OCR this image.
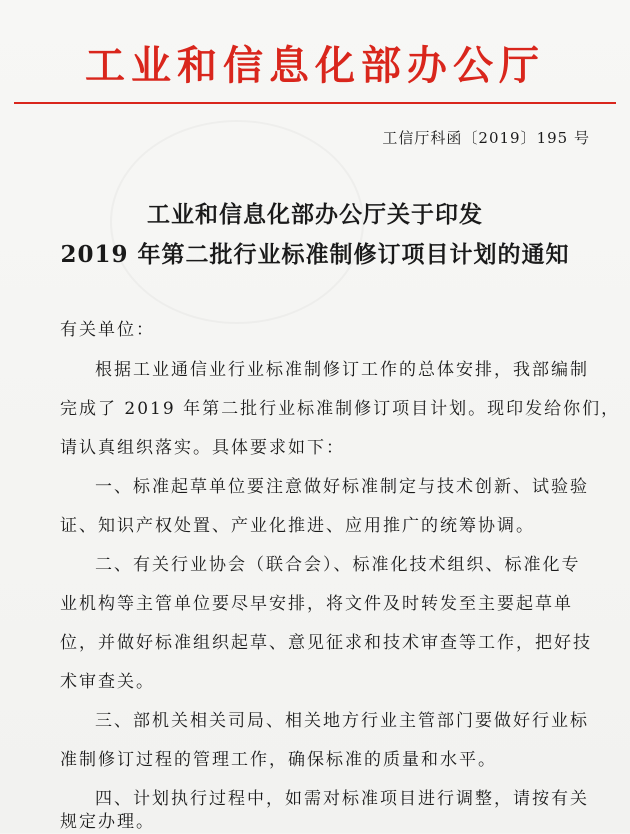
工业和信息化部办公厅
工信厅科函〔2019〕195 号
工业和信息化部办公厅关于印发
2019 年第二批行业标准制修订项目计划的通知
有关单位：
根据工业通信业行业标准制修订工作的总体安排，我部编制
完成了 2019 年第二批行业标准制修订项目计划。现印发给你们，
请认真组织落实。具体要求如下：
一、标准起草单位要注意做好标准制定与技术创新、试验验
证、知识产权处置、产业化推进、应用推广的统筹协调。
二、有关行业协会（联合会）、标准化技术组织、标准化专
业机构等主管单位要尽早安排，将文件及时转发至主要起草单
位，并做好标准组织起草、意见征求和技术审查等工作，把好技
术审查关。
三、部机关相关司局、相关地方行业主管部门要做好行业标
准制修订过程的管理工作，确保标准的质量和水平。
四、计划执行过程中，如需对标准项目进行调整，请按有关
规定办理。
